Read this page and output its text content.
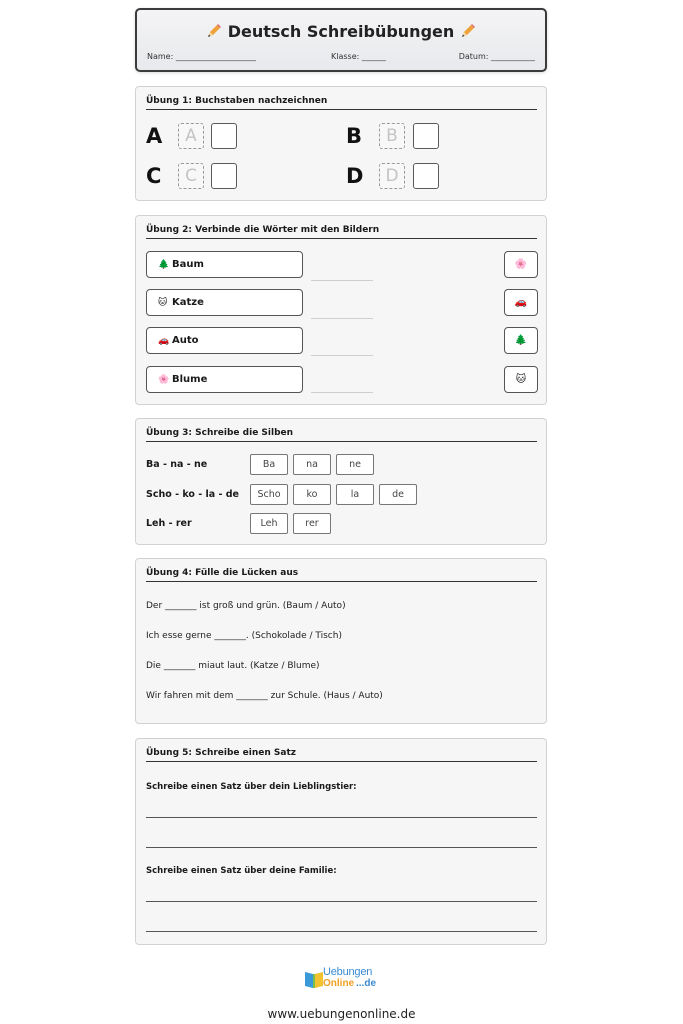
Deutsch Schreibübungen
Name: ____________________	Klasse: ______	Datum: ___________
Übung 1: Buchstaben nachzeichnen
A	A	B	B
C	C	D	D
Übung 2: Verbinde die Wörter mit den Bildern
🌲 Baum	🌸
🐱 Katze	🚗
🚗 Auto	🌲
🌸 Blume	🐱
Übung 3: Schreibe die Silben
Ba - na - ne	Ba	na	ne
Scho - ko - la - de	Scho	ko	la	de
Leh - rer	Leh	rer
Übung 4: Fülle die Lücken aus
Der _______ ist groß und grün. (Baum / Auto)
Ich esse gerne _______. (Schokolade / Tisch)
Die _______ miaut laut. (Katze / Blume)
Wir fahren mit dem _______ zur Schule. (Haus / Auto)
Übung 5: Schreibe einen Satz
Schreibe einen Satz über dein Lieblingstier:
Schreibe einen Satz über deine Familie:
Uebungen
Online ...de
www.uebungenonline.de
